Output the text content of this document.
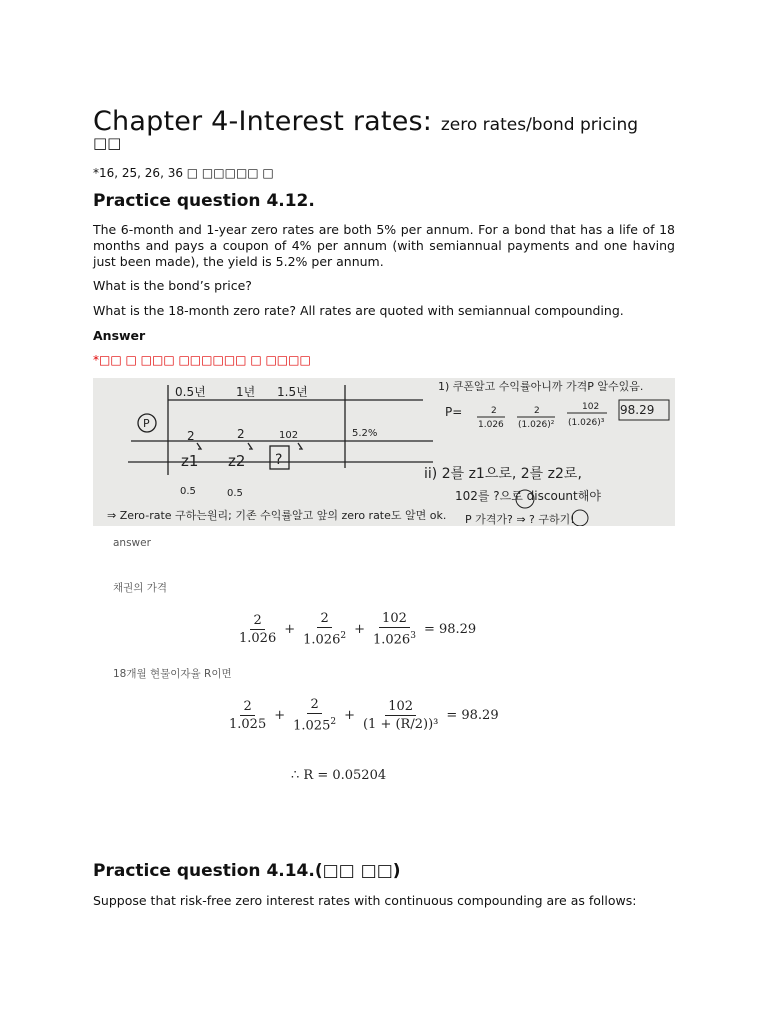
Chapter 4-Interest rates: zero rates/bond pricing

□□

*16, 25, 26, 36 □ □□□□□ □

Practice question 4.12.

The 6-month and 1-year zero rates are both 5% per annum. For a bond that has a life of 18 months and pays a coupon of 4% per annum (with semiannual payments and one having just been made), the yield is 5.2% per annum.

What is the bond’s price?

What is the 18-month zero rate? All rates are quoted with semiannual compounding.

Answer

*□□ □ □□□ □□□□□□ □ □□□□

0.5년	1년 1.5년
P
2	2	102	5.2%
z1 z2 ?
0.5	0.5
⇒ Zero-rate 구하는원리; 기존 수익률알고 앞의 zero rate도 알면 ok.
1) 쿠폰알고 수익률아니까 가격P 알수있음.
P=	98.29
ii) 2를 z1으로, 2를 z2로,
102를 ?으로 discount해야
P 가격가? ⇒ ? 구하기!
2
1.026
2
(1.026)²
102
(1.026)³

answer

채권의 가격

$\frac{2}{1.026} + \frac{2}{1.026^2} + \frac{102}{1.026^3} = 98.29$

18개월 현물이자율 R이면

$\frac{2}{1.025} + \frac{2}{1.025^2} + \frac{102}{\text{(1 + (R/2))³}} = 98.29$
∴ R = 0.05204
Practice question 4.14.(□□ □□)

Suppose that risk-free zero interest rates with continuous compounding are as follows:
